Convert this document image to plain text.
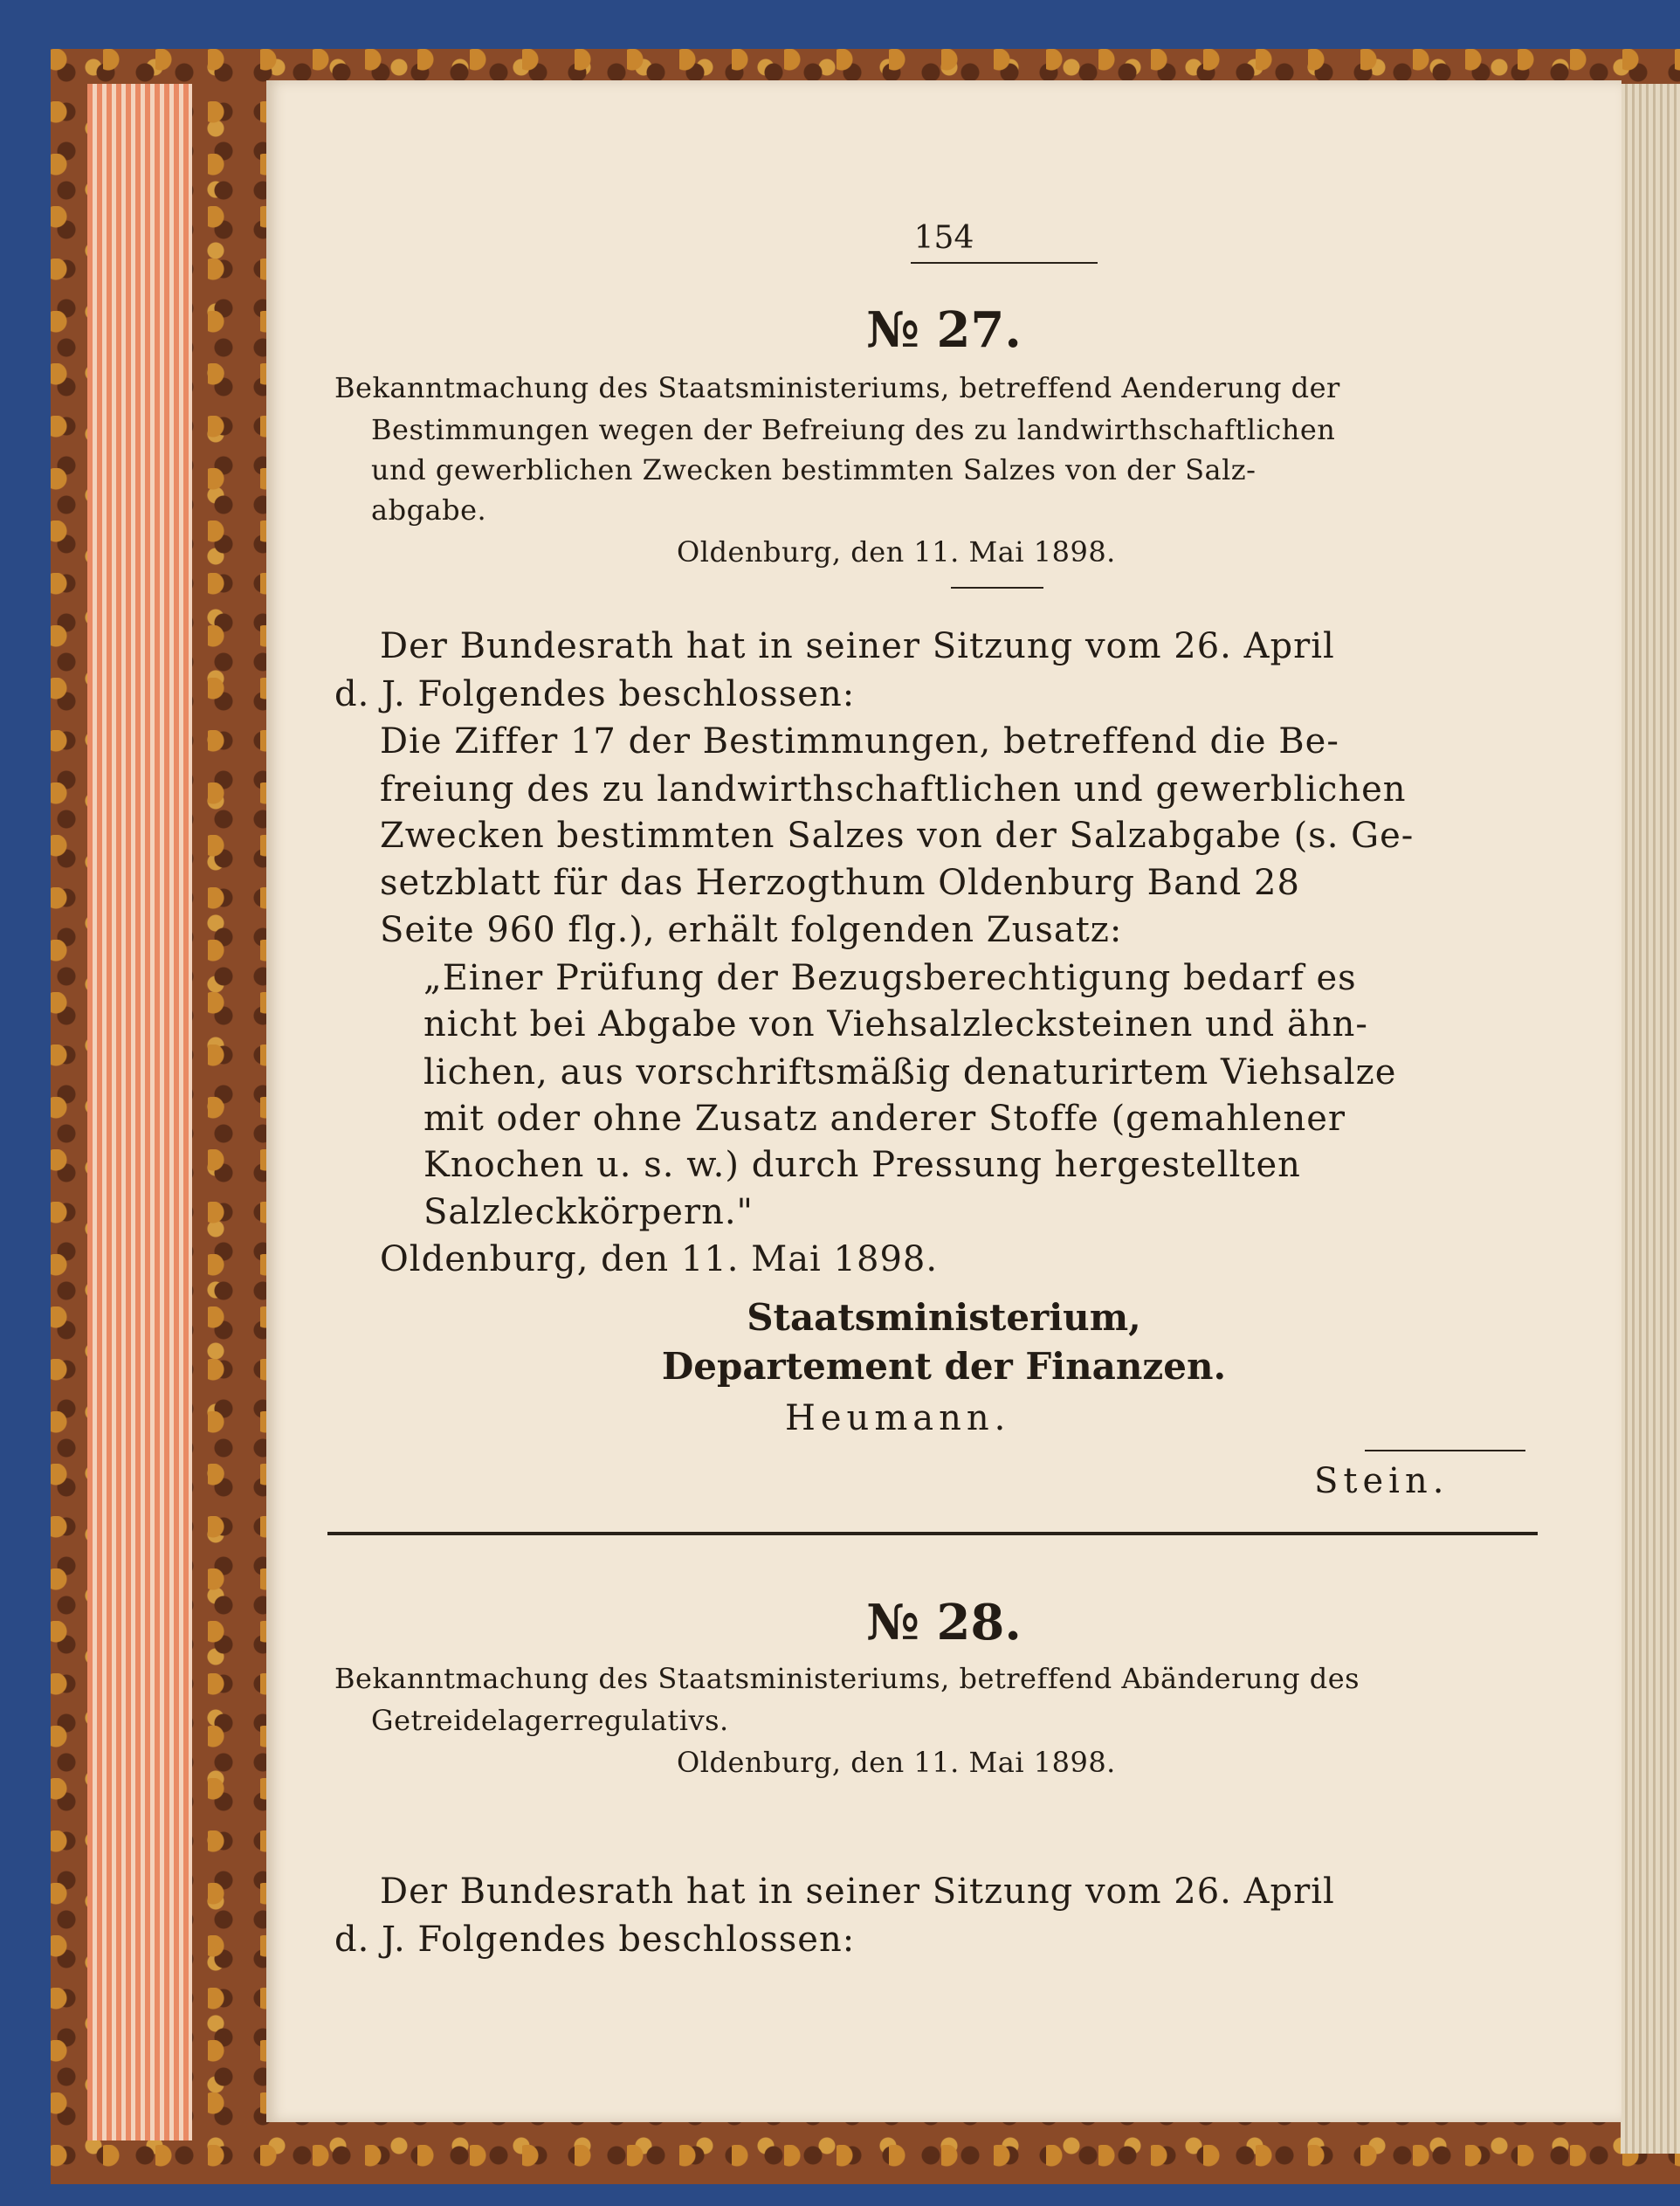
154
№ 27.
Bekanntmachung des Staatsministeriums, betreffend Aenderung der
Bestimmungen wegen der Befreiung des zu landwirthschaftlichen
und gewerblichen Zwecken bestimmten Salzes von der Salz-
abgabe.
Oldenburg, den 11. Mai 1898.
Der Bundesrath hat in seiner Sitzung vom 26. April
d. J. Folgendes beschlossen:
Die Ziffer 17 der Bestimmungen, betreffend die Be-
freiung des zu landwirthschaftlichen und gewerblichen
Zwecken bestimmten Salzes von der Salzabgabe (s. Ge-
setzblatt für das Herzogthum Oldenburg Band 28
Seite 960 flg.), erhält folgenden Zusatz:
„Einer Prüfung der Bezugsberechtigung bedarf es
nicht bei Abgabe von Viehsalzleckstеinen und ähn-
lichen, aus vorschriftsmäßig denaturirtem Viehsalze
mit oder ohne Zusatz anderer Stoffe (gemahlener
Knochen u. s. w.) durch Pressung hergestellten
Salzleckkörpern."
Oldenburg, den 11. Mai 1898.
Staatsministerium,
Departement der Finanzen.
Heumann.
Stein.
№ 28.
Bekanntmachung des Staatsministeriums, betreffend Abänderung des
Getreidelagerregulativs.
Oldenburg, den 11. Mai 1898.
Der Bundesrath hat in seiner Sitzung vom 26. April
d. J. Folgendes beschlossen:
